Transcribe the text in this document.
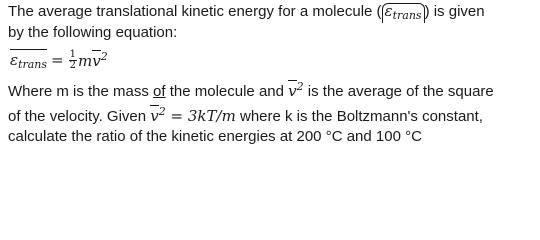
The average translational kinetic energy for a molecule ( $\varepsilon_{trans}$ ) is given
by the following equation:
$\varepsilon_{trans} = \frac{1}{2} mv^2$
Where m is the mass of the molecule and $v^2$ is the average of the square
of the velocity. Given $v^2 = 3kT/m$ where k is the Boltzmann's constant,
calculate the ratio of the kinetic energies at 200 °C and 100 °C
